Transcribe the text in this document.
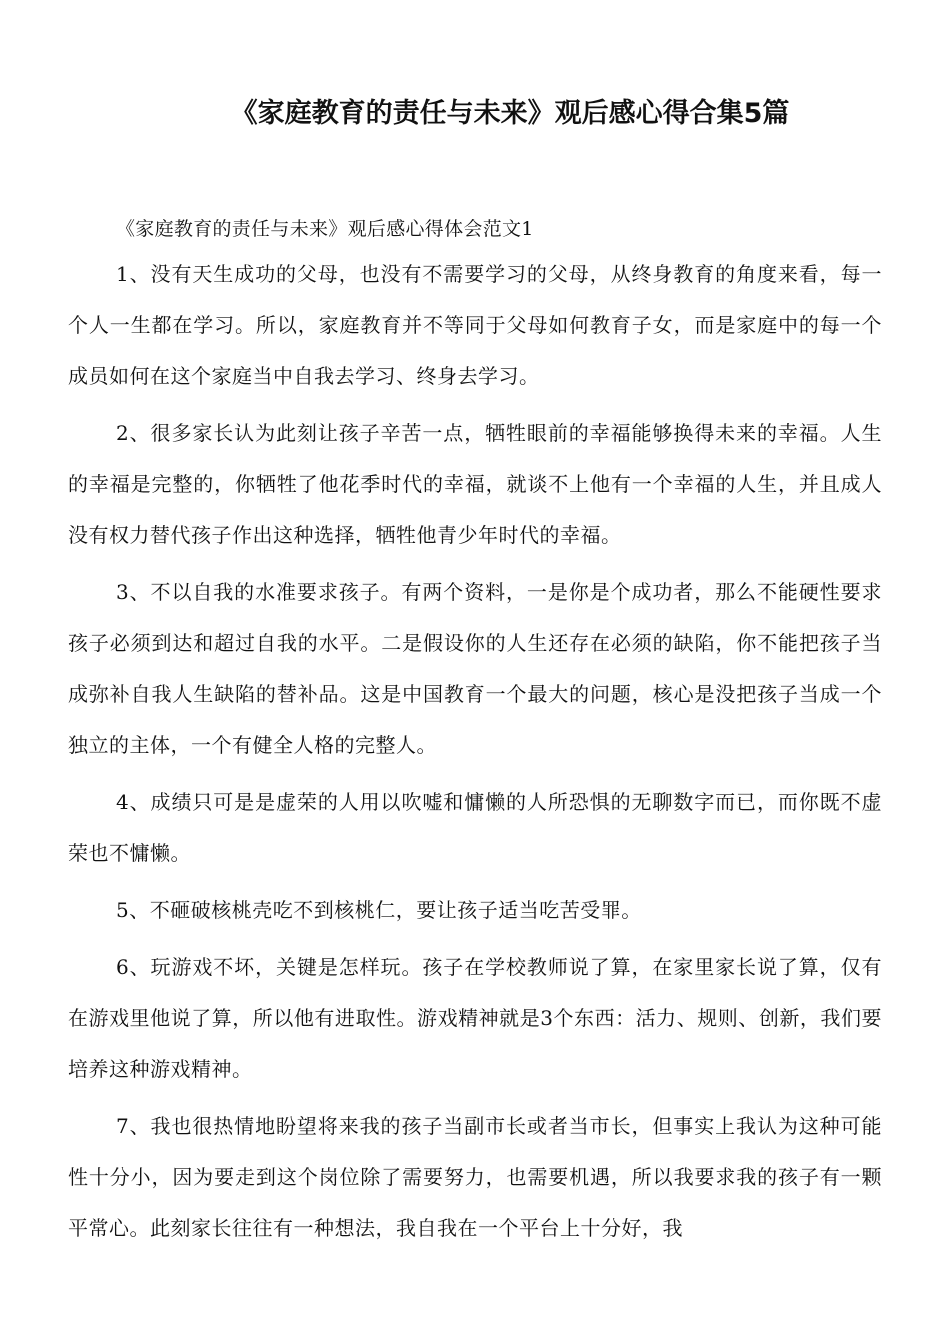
《家庭教育的责任与未来》观后感心得合集5篇

《家庭教育的责任与未来》观后感心得体会范文1

1、没有天生成功的父母，也没有不需要学习的父母，从终身教育的角度来看，每一个人一生都在学习。所以，家庭教育并不等同于父母如何教育子女，而是家庭中的每一个成员如何在这个家庭当中自我去学习、终身去学习。

2、很多家长认为此刻让孩子辛苦一点，牺牲眼前的幸福能够换得未来的幸福。人生的幸福是完整的，你牺牲了他花季时代的幸福，就谈不上他有一个幸福的人生，并且成人没有权力替代孩子作出这种选择，牺牲他青少年时代的幸福。

3、不以自我的水准要求孩子。有两个资料，一是你是个成功者，那么不能硬性要求孩子必须到达和超过自我的水平。二是假设你的人生还存在必须的缺陷，你不能把孩子当成弥补自我人生缺陷的替补品。这是中国教育一个最大的问题，核心是没把孩子当成一个独立的主体，一个有健全人格的完整人。

4、成绩只可是是虚荣的人用以吹嘘和慵懒的人所恐惧的无聊数字而已，而你既不虚荣也不慵懒。

5、不砸破核桃壳吃不到核桃仁，要让孩子适当吃苦受罪。

6、玩游戏不坏，关键是怎样玩。孩子在学校教师说了算，在家里家长说了算，仅有在游戏里他说了算，所以他有进取性。游戏精神就是3个东西：活力、规则、创新，我们要培养这种游戏精神。

7、我也很热情地盼望将来我的孩子当副市长或者当市长，但事实上我认为这种可能性十分小，因为要走到这个岗位除了需要努力，也需要机遇，所以我要求我的孩子有一颗平常心。此刻家长往往有一种想法，我自我在一个平台上十分好，我
